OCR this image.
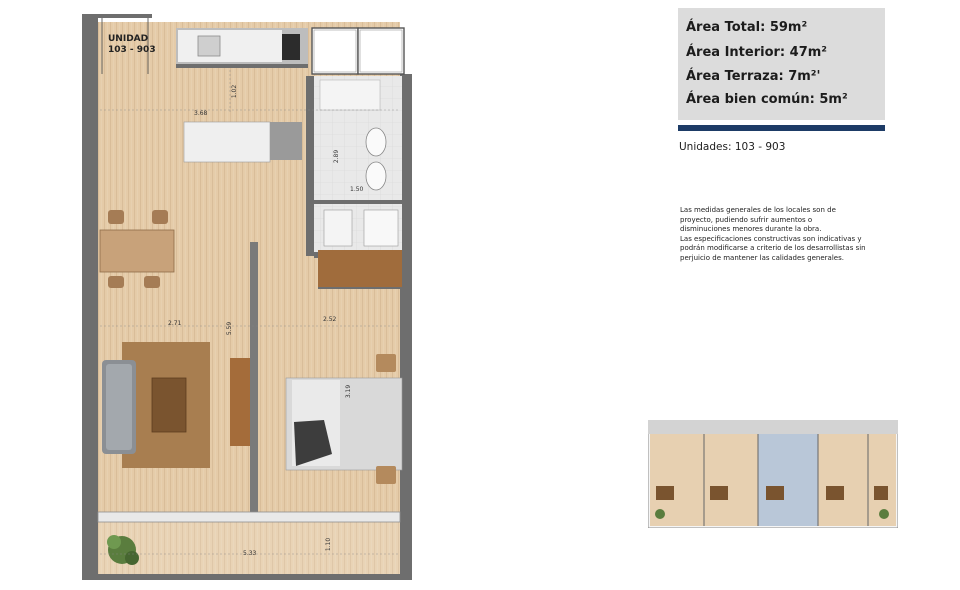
UNIDAD
103 - 903
1.02
3.68
2.89
1.50
2.71	5.59
2.52
3.19
5.33
1.10
Área Total: 59m²
Área Interior: 47m²
Área Terraza: 7m²'
Área bien común: 5m²
Unidades: 103 - 903

Las medidas generales de los locales son de

proyecto, pudiendo sufrir aumentos o

disminuciones menores durante la obra.

Las especificaciones constructivas son indicativas y

podrán modificarse a criterio de los desarrollistas sin

perjuicio de mantener las calidades generales.
